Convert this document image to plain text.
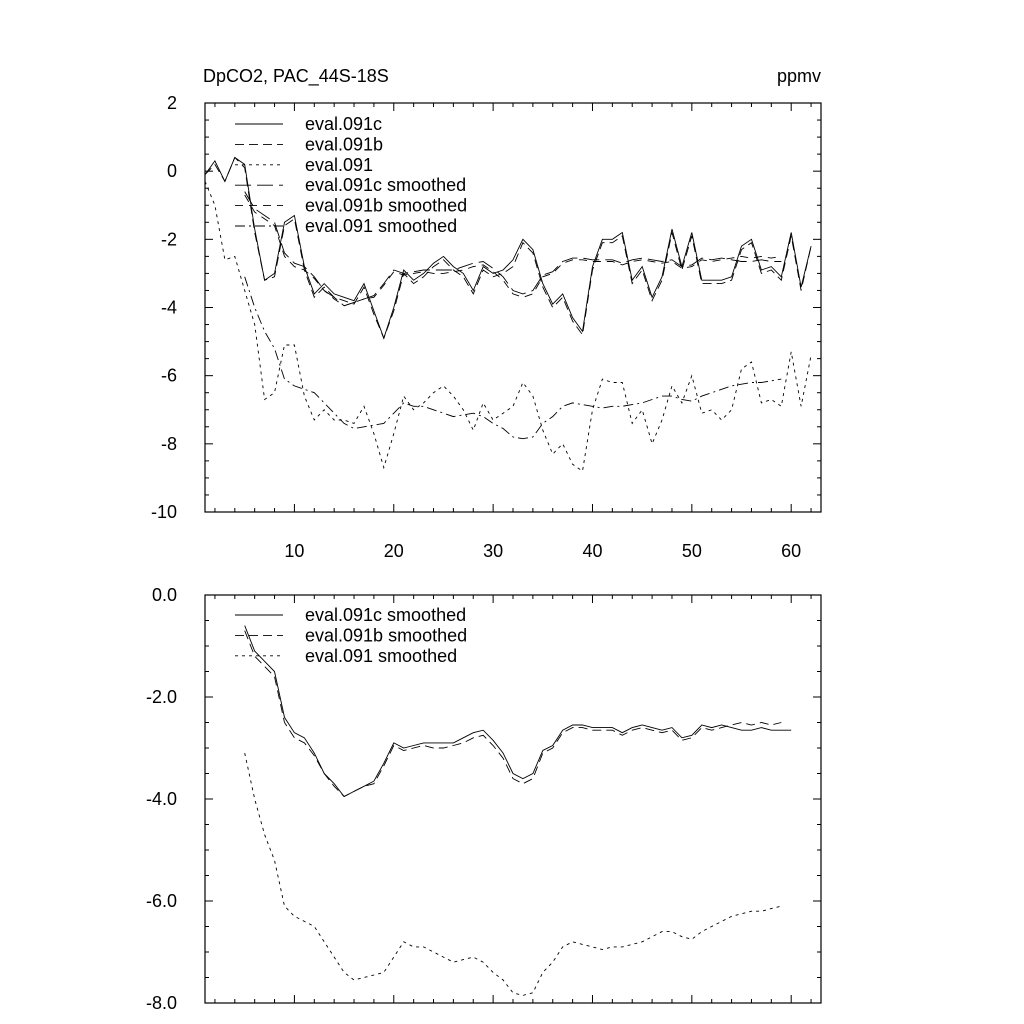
DpCO2, PAC_44S-18S	ppmv
10	20	30	40	50	60
2
0
-2
-4
-6
-8
-10
eval.091c
eval.091b
eval.091
eval.091c smoothed
eval.091b smoothed
eval.091 smoothed
0.0
-2.0
-4.0
-6.0
-8.0
eval.091c smoothed
eval.091b smoothed
eval.091 smoothed
